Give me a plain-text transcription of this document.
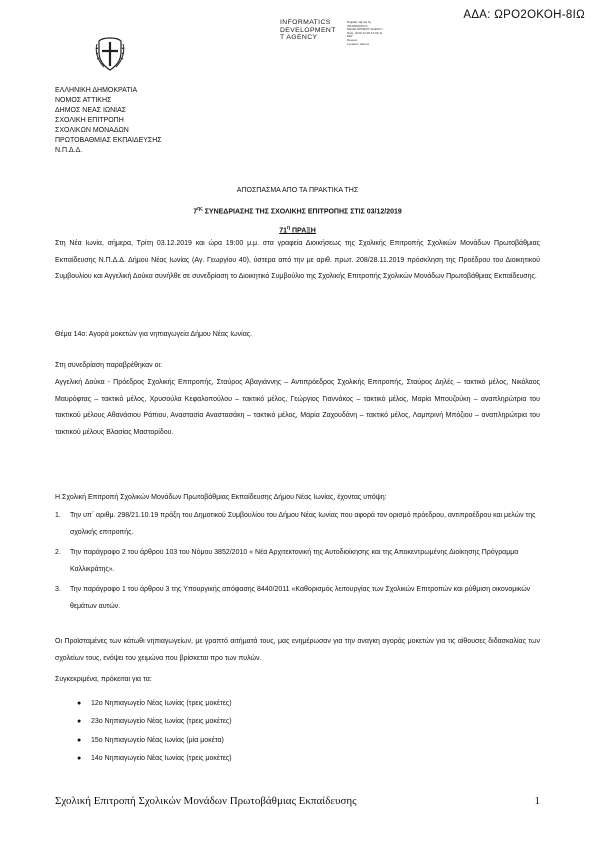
ΑΔΑ: ΩΡΟ2ΟΚΟΗ-8ΙΩ
INFORMATICS
DEVELOPMENT
T AGENCY
Digitally signed by
INFORMATICS
DEVELOPMENT AGENCY
Date: 2019.12.06 12:03:11
EET
Reason:
Location: Athens
ΕΛΛΗΝΙΚΗ ΔΗΜΟΚΡΑΤΙΑ
ΝΟΜΟΣ ΑΤΤΙΚΗΣ
ΔΗΜΟΣ ΝΕΑΣ ΙΩΝΙΑΣ
ΣΧΟΛΙΚΗ ΕΠΙΤΡΟΠΗ
ΣΧΟΛΙΚΩΝ ΜΟΝΑΔΩΝ
ΠΡΩΤΟΒΑΘΜΙΑΣ ΕΚΠΑΙΔΕΥΣΗΣ
Ν.Π.Δ.Δ.
ΑΠΟΣΠΑΣΜΑ ΑΠΟ ΤΑ ΠΡΑΚΤΙΚΑ ΤΗΣ
$7^{\eta\varsigma}$ ΣΥΝΕΔΡΙΑΣΗΣ ΤΗΣ ΣΧΟΛΙΚΗΣ ΕΠΙΤΡΟΠΗΣ ΣΤΙΣ 03/12/2019
$71^\eta$ ΠΡΑΞΗ
Στη Νέα Ιωνία, σήμερα, Τρίτη 03.12.2019 και ώρα 19:00 μ.μ. στα γραφεία Διοικήσεως της Σχολικής Επιτροπής Σχολικών Μονάδων Πρωτοβάθμιας Εκπαίδευσης Ν.Π.Δ.Δ. Δήμου Νέας Ιωνίας (Αγ. Γεωργίου 40), ύστερα από την με αριθ. πρωτ. 208/28.11.2019 πρόσκληση της Προέδρου του Διοικητικού Συμβουλίου και Αγγελική Δούκα συνήλθε σε συνεδρίαση το Διοικητικό Συμβούλιο της Σχολικής Επιτροπής Σχολικών Μονάδων Πρωτοβάθμιας Εκπαίδευσης.
Θέμα 14ο: Αγορά μοκετών για νηπιαγωγεία Δήμου Νέας Ιωνίας.
Στη συνεδρίαση παραβρέθηκαν οι:
Αγγελική Δούκα - Πρόεδρος Σχολικής Επιτροπής, Σταύρος Αβαγιάννης – Αντιπρόεδρος Σχολικής Επιτροπής, Σταύρος Δηλές – τακτικό μέλος, Νικόλαος Μαυρόφτας – τακτικό μέλος, Χρυσούλα Κεφαλοπούλου – τακτικό μέλος, Γεώργιος Γιαννάκος – τακτικό μέλος, Μαρία Μπουζούκη – αναπληρώτρια του τακτικού μέλους Αθανάσιου Ράπιου, Αναστασία Αναστασάκη – τακτικό μέλος, Μαρία Ζαχουδάνη – τακτικό μέλος, Λαμπρινή Μπόζιου – αναπληρώτρια του τακτικού μέλους Βλασίας Μαστορίδου.
Η Σχολική Επιτροπή Σχολικών Μονάδων Πρωτοβάθμιας Εκπαίδευσης Δήμου Νέας Ιωνίας, έχοντας υπόψη:
1. Την υπ΄ αριθμ. 298/21.10.19 πράξη του Δημοτικού Συμβουλίου του Δήμου Νέας Ιωνίας που αφορά τον ορισμό πρόεδρου, αντιπροέδρου και μελών της σχολικής επιτροπής.
2. Την παράγραφο 2 του άρθρου 103 του Νόμου 3852/2010 « Νέα Αρχιτεκτονική της Αυτοδιοίκησης και της Αποκεντρωμένης Διοίκησης Πρόγραμμα Καλλικράτης».
3. Την παράγραφο 1 του άρθρου 3 της Υπουργικής απόφασης 8440/2011 «Καθορισμός λειτουργίας των Σχολικών Επιτροπών και ρύθμιση οικονομικών θεμάτων αυτών.
Οι Προϊσταμένες των κάτωθι νηπιαγωγείων, με γραπτό αιτήματά τους, μας ενημέρωσαν για την αναγκη αγοράς μοκετών για τις αίθουσες διδασκαλίας των σχολείων τους, ενόψει του χειμώνα που βρίσκεται προ των πυλών.
Συγκεκριμένα, πρόκειται για τα:
● 12ο Νηπιαγωγείο Νέας Ιωνίας (τρεις μοκέτες)
● 23ο Νηπιαγωγείο Νέας Ιωνίας (τρεις μοκέτες)
● 15ο Νηπιαγωγείο Νέας Ιωνίας (μία μοκέτα)
● 14ο Νηπιαγωγείο Νέας Ιωνίας (τρεις μοκέτες)
Σχολική Επιτροπή Σχολικών Μονάδων Πρωτοβάθμιας Εκπαίδευσης	1
